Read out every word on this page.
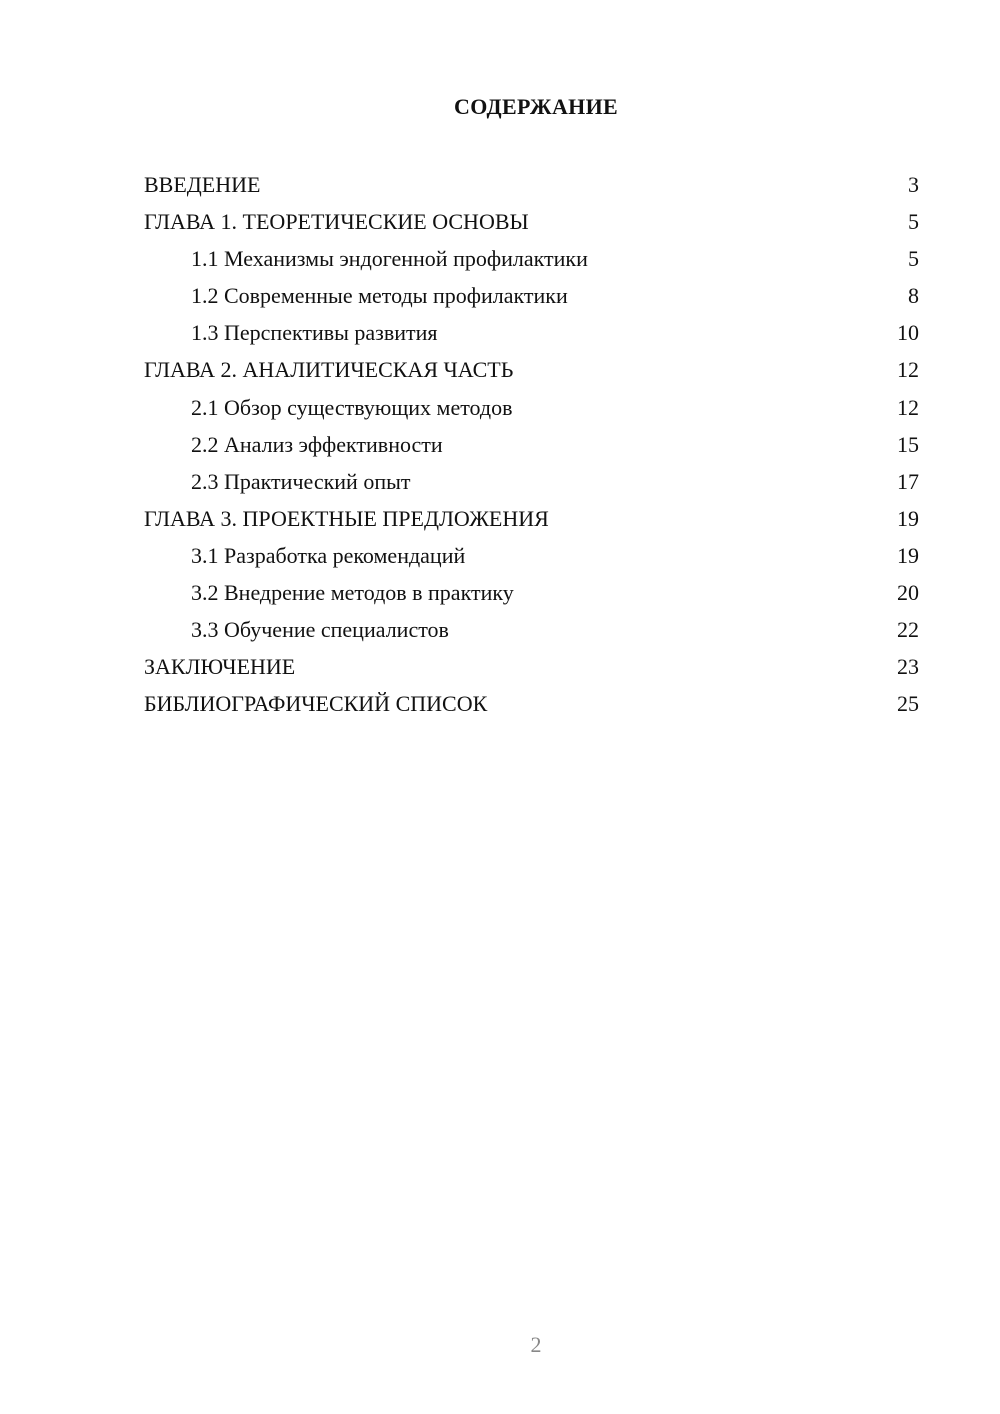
СОДЕРЖАНИЕ
ВВЕДЕНИЕ	3
ГЛАВА 1. ТЕОРЕТИЧЕСКИЕ ОСНОВЫ	5
1.1 Механизмы эндогенной профилактики	5
1.2 Современные методы профилактики	8
1.3 Перспективы развития	10
ГЛАВА 2. АНАЛИТИЧЕСКАЯ ЧАСТЬ	12
2.1 Обзор существующих методов	12
2.2 Анализ эффективности	15
2.3 Практический опыт	17
ГЛАВА 3. ПРОЕКТНЫЕ ПРЕДЛОЖЕНИЯ	19
3.1 Разработка рекомендаций	19
3.2 Внедрение методов в практику	20
3.3 Обучение специалистов	22
ЗАКЛЮЧЕНИЕ	23
БИБЛИОГРАФИЧЕСКИЙ СПИСОК	25
2
